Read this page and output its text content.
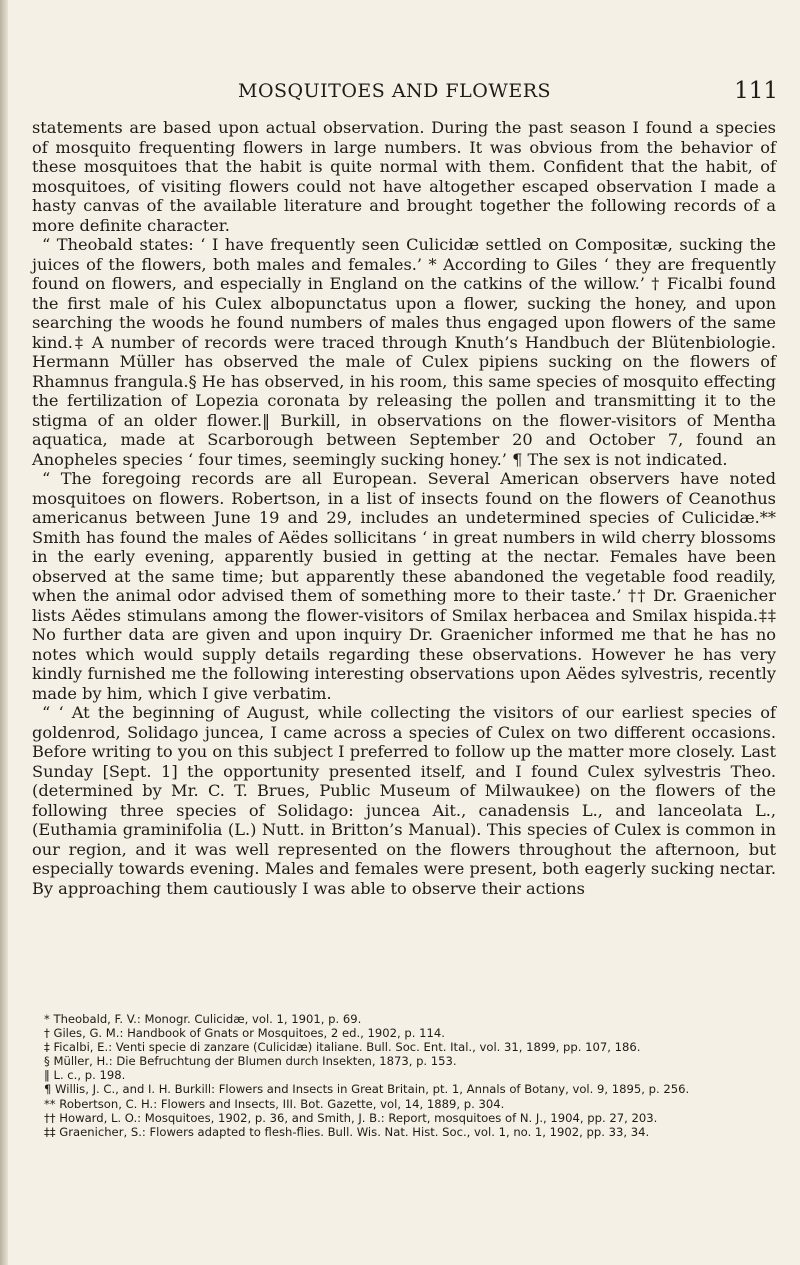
MOSQUITOES AND FLOWERS	111

statements are based upon actual observation. During the past season I found a species of mosquito frequenting flowers in large numbers. It was obvious from the behavior of these mosquitoes that the habit is quite normal with them. Confident that the habit, of mosquitoes, of visiting flowers could not have altogether escaped observation I made a hasty canvas of the available literature and brought together the following records of a more definite character.

“ Theobald states: ‘ I have frequently seen Culicidæ settled on Compositæ, sucking the juices of the flowers, both males and females.’ * According to Giles ‘ they are frequently found on flowers, and especially in England on the catkins of the willow.’ † Ficalbi found the first male of his Culex albopunctatus upon a flower, sucking the honey, and upon searching the woods he found numbers of males thus engaged upon flowers of the same kind.‡ A number of records were traced through Knuth’s Handbuch der Blütenbiologie. Hermann Müller has observed the male of Culex pipiens sucking on the flowers of Rhamnus frangula.§ He has observed, in his room, this same species of mosquito effecting the fertilization of Lopezia coronata by releasing the pollen and transmitting it to the stigma of an older flower.‖ Burkill, in observations on the flower-visitors of Mentha aquatica, made at Scarborough between September 20 and October 7, found an Anopheles species ‘ four times, seemingly sucking honey.’ ¶ The sex is not indicated.

“ The foregoing records are all European. Several American observers have noted mosquitoes on flowers. Robertson, in a list of insects found on the flowers of Ceanothus americanus between June 19 and 29, includes an undetermined species of Culicidæ.** Smith has found the males of Aëdes sollicitans ‘ in great numbers in wild cherry blossoms in the early evening, apparently busied in getting at the nectar. Females have been observed at the same time; but apparently these abandoned the vegetable food readily, when the animal odor advised them of something more to their taste.’ †† Dr. Graenicher lists Aëdes stimulans among the flower-visitors of Smilax herbacea and Smilax hispida.‡‡ No further data are given and upon inquiry Dr. Graenicher informed me that he has no notes which would supply details regarding these observations. However he has very kindly furnished me the following interesting observations upon Aëdes sylvestris, recently made by him, which I give verbatim.

“ ‘ At the beginning of August, while collecting the visitors of our earliest species of goldenrod, Solidago juncea, I came across a species of Culex on two different occasions. Before writing to you on this subject I preferred to follow up the matter more closely. Last Sunday [Sept. 1] the opportunity presented itself, and I found Culex sylvestris Theo. (determined by Mr. C. T. Brues, Public Museum of Milwaukee) on the flowers of the following three species of Solidago: juncea Ait., canadensis L., and lanceolata L., (Euthamia graminifolia (L.) Nutt. in Britton’s Manual). This species of Culex is common in our region, and it was well represented on the flowers throughout the afternoon, but especially towards evening. Males and females were present, both eagerly sucking nectar. By approaching them cautiously I was able to observe their actions

* Theobald, F. V.: Monogr. Culicidæ, vol. 1, 1901, p. 69.

† Giles, G. M.: Handbook of Gnats or Mosquitoes, 2 ed., 1902, p. 114.

‡ Ficalbi, E.: Venti specie di zanzare (Culicidæ) italiane. Bull. Soc. Ent. Ital., vol. 31, 1899, pp. 107, 186.

§ Müller, H.: Die Befruchtung der Blumen durch Insekten, 1873, p. 153.

‖ L. c., p. 198.

¶ Willis, J. C., and I. H. Burkill: Flowers and Insects in Great Britain, pt. 1, Annals of Botany, vol. 9, 1895, p. 256.

** Robertson, C. H.: Flowers and Insects, III. Bot. Gazette, vol, 14, 1889, p. 304.

†† Howard, L. O.: Mosquitoes, 1902, p. 36, and Smith, J. B.: Report, mosquitoes of N. J., 1904, pp. 27, 203.

‡‡ Graenicher, S.: Flowers adapted to flesh-flies. Bull. Wis. Nat. Hist. Soc., vol. 1, no. 1, 1902, pp. 33, 34.
